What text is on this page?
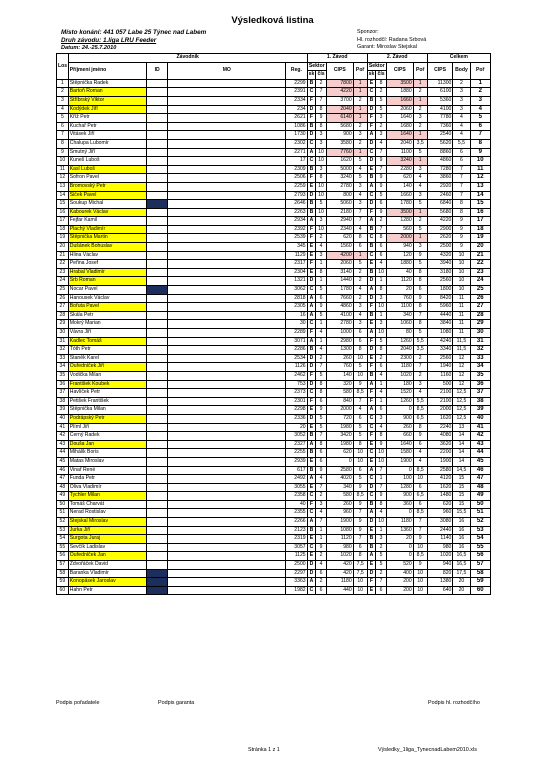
Výsledková listina
Místo konání: 441 057 Labe 25 Týnec nad Labem
Druh závodu: 1.liga LRU Feeder
Datum: 24.-25.7.2010
Sponzor:
Hl. rozhodčí: Radana Srbová
Garant: Miroslav Stejskal
Los	Závodník				1. Závod				2. Závod				Celkem		
	Příjmení jméno	ID	MO	Reg.	Sektor		CIPS	Poř	Sektor		CIPS	Poř	CIPS	Body	Poř
					sk	čís			sk	čís					
1	Štěpnička Radek			2299	B	2	7800	1	E	8	3500	1	11300	2	1
2	Bartoň Roman			2391	C	7	4220	1	C	2	1880	2	6100	3	2
3	Stříbrský Viktor			2334	F	7	3700	2	B	5	1660	1	5360	3	3
4	Kodýdek Jiří			234	D	8	2040	1	D	5	2060	2	4100	3	4
5	Kříž Petr			2621	F	9	6140	1	F	3	1640	3	7780	4	5
6	Kuchař Petr			1086	B	8	5680	2	F	2	1680	2	7360	4	6
7	Vitásek Jiří			1730	D	3	900	3	A	3	1640	1	2540	4	7
8	Chalupa Lubomír			2302	C	3	3580	2	D	4	2040	3,5	5620	5,5	8
9	Smutný Jiří			2271	A	10	7760	1	C	7	1100	5	8860	6	9
10	Kuneš Luboš			17	C	10	1620	5	D	9	3240	1	4860	6	10
11	Kasl Luboš			2309	B	3	5000	4	E	7	2280	3	7280	7	11
12	Sofron Pavel			2506	F	8	3240	5	B	9	620	4	3860	7	12
13	Bromovský Petr			2259	E	10	2780	3	A	9	140	4	2920	7	13
14	Siček Pavel			2793	D	10	800	4	C	5	1660	3	2460	7	14
15	Soukup Michal			2646	B	5	5060	3	D	6	1780	5	6840	8	15
16	Kabourek Václav			2263	B	10	2180	7	F	9	3500	1	5680	8	16
17	Fejfar Kamil			2934	A	3	2940	7	A	2	1280	2	4220	9	17
18	Plachý Vladimír			2392	F	10	2340	4	B	7	560	5	2900	9	18
19	Štěpnička Martin			2539	F	2	620	8	C	8	2000	1	2620	9	19
20	Dušánek Bohuslav			345	E	4	1560	6	B	6	940	3	2500	9	20
21	Hlina Václav			1129	E	3	4200	1	C	6	120	9	4320	10	21
22	Peřina Josef			2317	F	1	2060	5	E	4	1880	5	3940	10	22
23	Hrabal Vladimír			2304	E	8	3140	2	B	10	40	8	3180	10	23
24	Srb Roman			1321	D	1	1440	2	D	1	1120	8	2560	10	24
25	Nocar Pavel			3062	C	5	1780	4	A	8	20	6	1800	10	25
26	Hanousek Václav			2818	A	6	7660	2	D	3	760	9	8420	11	26
27	Bořuta Pavel			2305	A	9	4860	3	F	10	1100	8	5960	11	27
28	Skála Petr			16	A	5	4100	4	B	1	340	7	4440	11	28
29	Mokrý Marian			30	C	1	2780	3	E	3	1060	8	3840	11	29
30	Vávra Jiří			2289	F	4	1000	6	A	10	80	5	1080	11	30
31	Kadlec Tomáš			3071	A	1	2980	6	F	5	1260	5,5	4240	11,5	31
32	Tóth Petr			2286	B	4	1300	8	D	8	2040	3,5	3340	11,5	32
33	Staněk Karel			2534	D	2	260	10	E	2	2300	2	2560	12	33
34	Ouředníček Jiří			1126	D	7	760	5	F	6	1180	7	1940	12	34
35	Vodička Milan			2462	F	5	140	10	B	4	1020	2	1160	12	35
36	František Koubek			753	D	8	320	9	A	1	180	3	500	12	36
37	Havlíček Petr			2373	C	8	580	8,5	F	4	1520	4	2100	12,5	37
38	Petišek František			2301	F	6	840	7	F	1	1260	5,5	2100	12,5	38
39	Štěpnička Milan			2298	E	9	2000	4	A	6	0	8,5	2000	12,5	39
40	Podrápský Petr			2336	D	5	720	6	C	3	900	6,5	1620	12,5	40
41	Plíml Jiří			20	E	5	1980	5	C	4	260	8	2240	13	41
42	Černý Radek			3052	B	7	3420	5	F	8	660	9	4080	14	42
43	Douša Jan			2327	A	8	1980	8	E	9	1640	6	3620	14	43
44	Mihálik Boris			2255	B	6	620	10	C	10	1580	4	2200	14	44
45	Matas Miroslav			2939	E	6	0	10	E	10	1900	4	1900	14	45
46	Vinař René			617	B	9	2580	6	A	7	0	8,5	2580	14,5	46
47	Funda Petr			2492	A	4	4020	5	C	1	100	10	4120	15	47
48	Oliva Vladimír			3055	E	7	340	9	D	7	1280	6	1620	15	48
49	Tychler Milan			2358	C	2	580	8,5	C	9	900	6,5	1480	15	49
50	Tomáš Charvát			40	F	3	260	9	B	8	360	6	620	15	50
51	Nerad Rostislav			2355	C	4	960	7	A	4	0	8,5	960	15,5	51
52	Stejskal Miroslav			2266	A	7	1900	9	D	10	1180	7	3080	16	52
53	Jurka Jiří			2123	B	1	1080	9	E	1	1360	7	2440	16	53
54	Šurgota Juraj			2319	E	1	1120	7	B	3	20	9	1140	16	54
55	Ševčík Ladislav			3057	C	9	980	6	B	2	0	10	980	16	55
56	Ouředníček Jan			1125	E	2	1020	8	A	5	0	8,5	1020	16,5	56
57	Zdvořáček David			2500	D	4	420	7,5	E	5	520	9	940	16,5	57
58	Baranka Vladimír			2297	D	6	420	7,5	D	2	400	10	820	17,5	58
59	Konopásek Jaroslav			3363	A	2	1180	10	F	7	200	10	1380	20	59
60	Hahn Petr			1982	C	6	440	10	E	6	200	10	640	20	60
Podpis pořadatele	Podpis garanta	Podpis hl. rozhodčího
Stránka 1 z 1	Výsledky_1liga_TynecnadLabem2010.xls
